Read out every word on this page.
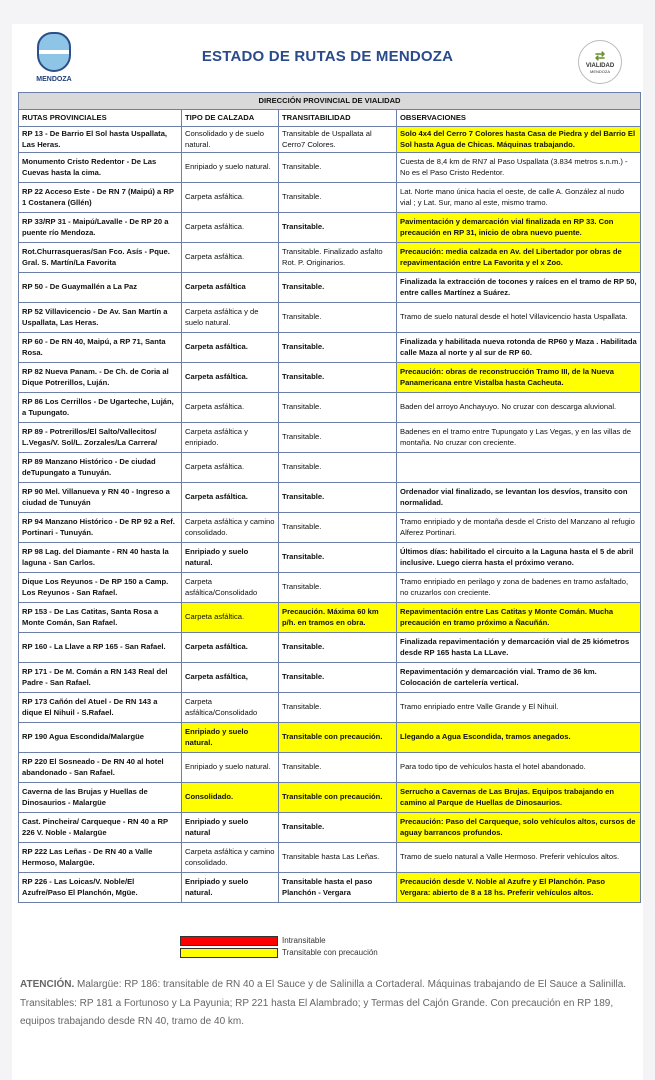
MENDOZA
ESTADO DE RUTAS DE MENDOZA	⇄
VIALIDAD
MENDOZA
DIRECCIÓN PROVINCIAL DE VIALIDAD			
RUTAS PROVINCIALES	TIPO DE CALZADA	TRANSITABILIDAD	OBSERVACIONES
RP 13 - De Barrio El Sol hasta Uspallata, Las Heras.	Consolidado y de suelo natural.	Transitable de Uspallata al Cerro7 Colores.	Solo 4x4 del Cerro 7 Colores hasta Casa de Piedra y del Barrio El Sol hasta Agua de Chicas. Máquinas trabajando.
Monumento Cristo Redentor - De Las Cuevas hasta la cima.	Enripiado y suelo natural.	Transitable.	Cuesta de 8,4 km de RN7 al Paso Uspallata (3.834 metros s.n.m.) - No es el Paso Cristo Redentor.
RP 22 Acceso Este - De RN 7 (Maipú) a RP 1 Costanera (Gllén)	Carpeta asfáltica.	Transitable.	Lat. Norte mano única hacia el oeste, de calle A. González al nudo vial ; y Lat. Sur, mano al este, mismo tramo.
RP 33/RP 31 - Maipú/Lavalle - De RP 20 a puente río Mendoza.	Carpeta asfáltica.	Transitable.	Pavimentación y demarcación vial finalizada en RP 33. Con precaución en RP 31, inicio de obra nuevo puente.
Rot.Churrasqueras/San Fco. Asís - Pque. Gral. S. Martín/La Favorita	Carpeta asfáltica.	Transitable. Finalizado asfalto Rot. P. Originarios.	Precaución: media calzada en Av. del Libertador por obras de repavimentación entre La Favorita y el x Zoo.
RP 50 - De Guaymallén a La Paz	Carpeta asfáltica	Transitable.	Finalizada la extracción de tocones y raíces en el tramo de RP 50, entre calles Martínez a Suárez.
RP 52 Villavicencio - De Av. San Martín a Uspallata, Las Heras.	Carpeta asfáltica y de suelo natural.	Transitable.	Tramo de suelo natural desde el hotel Villavicencio hasta Uspallata.
RP 60 - De RN 40, Maipú, a RP 71, Santa Rosa.	Carpeta asfáltica.	Transitable.	Finalizada y habilitada nueva rotonda de RP60 y Maza . Habilitada calle Maza al norte y al sur de RP 60.
RP 82 Nueva Panam. - De Ch. de Coria al Dique Potrerillos, Luján.	Carpeta asfáltica.	Transitable.	Precaución: obras de reconstrucción Tramo III, de la Nueva Panamericana entre Vistalba hasta Cacheuta.
RP 86 Los Cerrillos - De Ugarteche, Luján, a Tupungato.	Carpeta asfáltica.	Transitable.	Baden del arroyo Anchayuyo. No cruzar con descarga aluvional.
RP 89 - Potrerillos/El Salto/Vallecitos/ L.Vegas/V. Sol/L. Zorzales/La Carrera/	Carpeta asfáltica y enripiado.	Transitable.	Badenes en el tramo entre Tupungato y Las Vegas, y en las villas de montaña. No cruzar con creciente.
RP 89 Manzano Histórico - De ciudad deTupungato a Tunuyán.	Carpeta asfáltica.	Transitable.	
RP 90 Mel. Villanueva y RN 40 - Ingreso a ciudad de Tunuyán	Carpeta asfáltica.	Transitable.	Ordenador vial finalizado, se levantan los desvíos, transito con normalidad.
RP 94 Manzano Histórico - De RP 92 a Ref. Portinari - Tunuyán.	Carpeta asfáltica y camino consolidado.	Transitable.	Tramo enripiado y de montaña desde el Cristo del Manzano al refugio Alferez Portinari.
RP 98 Lag. del Diamante - RN 40 hasta la laguna - San Carlos.	Enripiado y suelo natural.	Transitable.	Últimos días: habilitado el circuito a la Laguna hasta el 5 de abril inclusive. Luego cierra hasta el próximo verano.
Dique Los Reyunos - De RP 150 a Camp. Los Reyunos - San Rafael.	Carpeta asfáltica/Consolidado	Transitable.	Tramo enripiado en perilago y zona de badenes en tramo asfaltado, no cruzarlos con creciente.
RP 153 - De Las Catitas, Santa Rosa a Monte Comán, San Rafael.	Carpeta asfáltica.	Precaución. Máxima 60 km p/h. en tramos en obra.	Repavimentación entre Las Catitas y Monte Comán. Mucha precaución en tramo próximo a Ñacuñán.
RP 160 - La Llave a RP 165 - San Rafael.	Carpeta asfáltica.	Transitable.	Finalizada repavimentación y demarcación vial de 25 kiómetros desde RP 165 hasta La LLave.
RP 171 - De M. Comán a RN 143 Real del Padre - San Rafael.	Carpeta asfáltica,	Transitable.	Repavimentación y demarcación vial. Tramo de 36 km. Colocación de cartelería vertical.
RP 173 Cañón del Atuel - De RN 143 a dique El Nihuil - S.Rafael.	Carpeta asfáltica/Consolidado	Transitable.	Tramo enripiado entre Valle Grande y El Nihuil.
RP 190 Agua Escondida/Malargüe	Enripiado y suelo natural.	Transitable con precaución.	Llegando a Agua Escondida, tramos anegados.
RP 220 El Sosneado - De RN 40 al hotel abandonado - San Rafael.	Enripiado y suelo natural.	Transitable.	Para todo tipo de vehículos hasta el hotel abandonado.
Caverna de las Brujas y Huellas de Dinosaurios - Malargüe	Consolidado.	Transitable con precaución.	Serrucho a Cavernas de Las Brujas. Equipos trabajando en camino al Parque de Huellas de Dinosaurios.
Cast. Pincheira/ Carqueque - RN 40 a RP 226 V. Noble - Malargüe	Enripiado y suelo natural	Transitable.	Precaución: Paso del Carqueque, solo vehículos altos, cursos de aguay barrancos profundos.
RP 222 Las Leñas - De RN 40 a Valle Hermoso, Malargüe.	Carpeta asfáltica y camino consolidado.	Transitable hasta Las Leñas.	Tramo de suelo natural a Valle Hermoso. Preferir vehículos altos.
RP 226 - Las Loicas/V. Noble/El Azufre/Paso El Planchón, Mgüe.	Enripiado y suelo natural.	Transitable hasta el paso Planchón - Vergara	Precaución desde V. Noble al Azufre y El Planchón. Paso Vergara: abierto de 8 a 18 hs. Preferir vehículos altos.
Intransitable
Transitable con precaución
ATENCIÓN. Malargüe: RP 186: transitable de RN 40 a El Sauce y de Salinilla a Cortaderal. Máquinas trabajando de El Sauce a Salinilla. Transitables: RP 181 a Fortunoso y La Payunia; RP 221 hasta El Alambrado; y Termas del Cajón Grande. Con precaución en RP 189, equipos trabajando desde RN 40, tramo de 40 km.
